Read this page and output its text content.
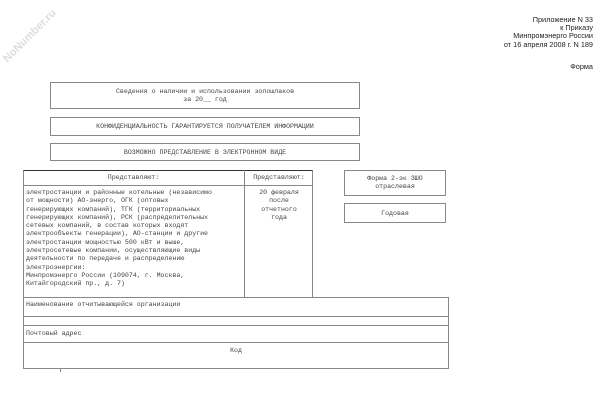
NoNumber.ru	Приложение N 33
к Приказу
Минпромэнерго России
от 16 апреля 2008 г. N 189
Форма
Сведения о наличии и использовании золошлаков
за 20__ год
КОНФИДЕНЦИАЛЬНОСТЬ ГАРАНТИРУЕТСЯ ПОЛУЧАТЕЛЕМ ИНФОРМАЦИИ
ВОЗМОЖНО ПРЕДСТАВЛЕНИЕ В ЭЛЕКТРОННОМ ВИДЕ
Представляют:	Представляют:
электростанции и районные котельные (независимо
от мощности) АО-энерго, ОГК (оптовых
генерирующих компаний), ТГК (территориальных
генерирующих компаний), РСК (распределительных
сетевых компаний, в состав которых входят
электрообъекты генерации), АО-станции и другие
электростанции мощностью 500 кВт и выше,
электросетевые компании, осуществляющие виды
деятельности по передаче и распределению
электроэнергии:
Минпромэнерго России (109074, г. Москва,
Китайгородский пр., д. 7)
20 февраля
после
отчетного
года
Форма 2-эк ЗШО
отраслевая
Годовая
Наименование отчитывающейся организации
Почтовый адрес
Код
